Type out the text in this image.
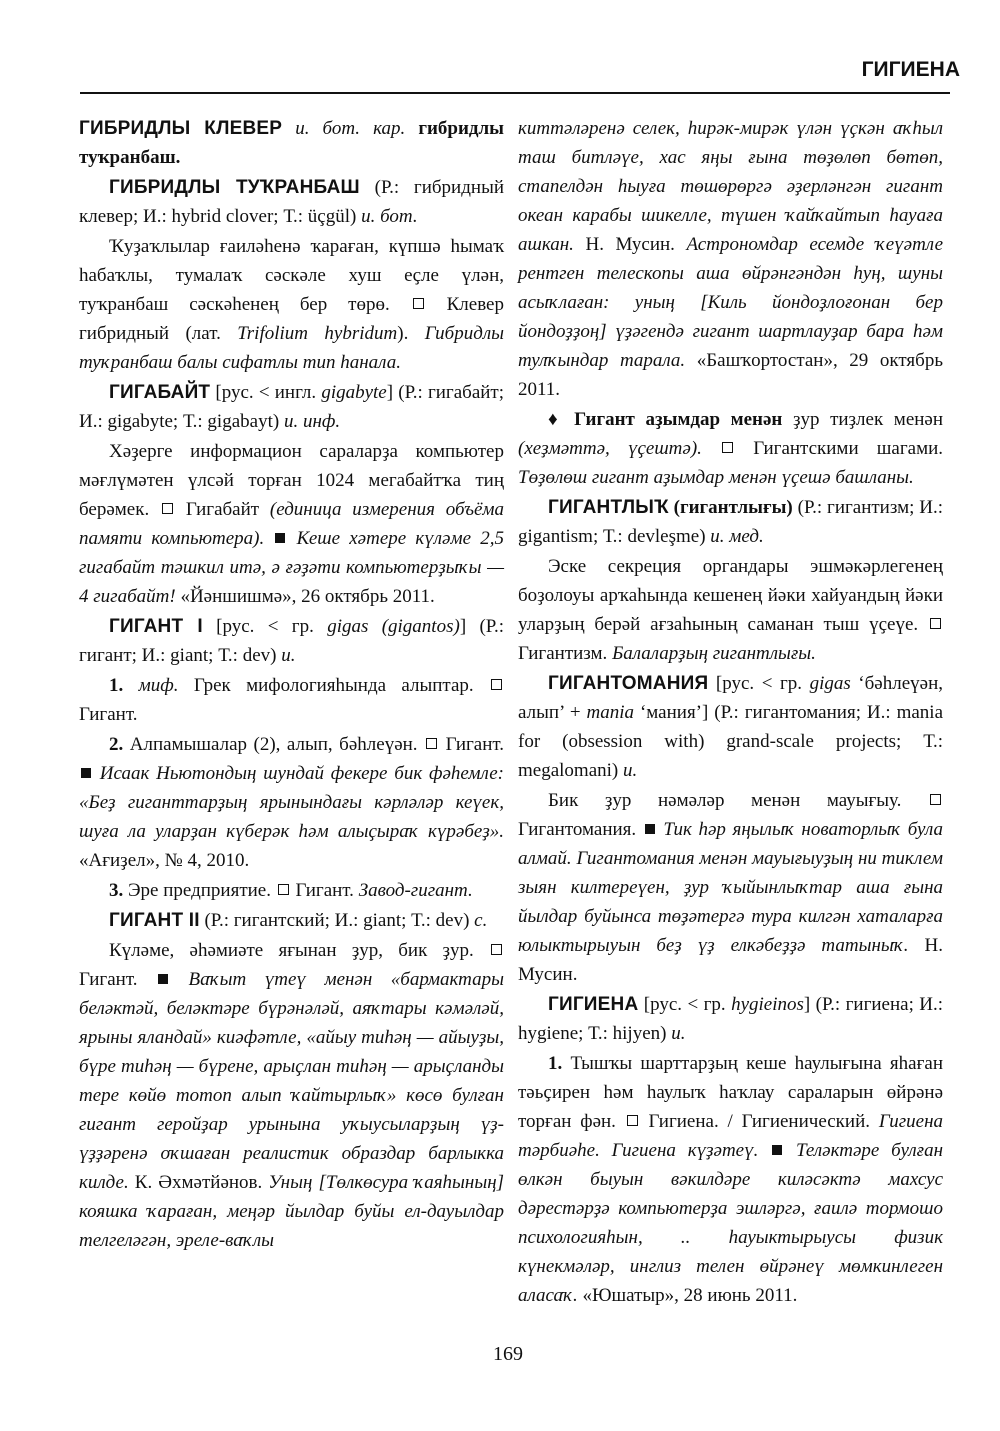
ГИГИЕНА

ГИБРИДЛЫ КЛЕВЕР и. бот. кар. гибридлы туҡранбаш.

ГИБРИДЛЫ ТУҠРАНБАШ (Р.: гибридный клевер; И.: hybrid clover; Т.: üçgül) и. бот.

Ҡуҙаҡлылар ғаиләһенә ҡараған, күпшә һымаҡ һабаҡлы, тумалаҡ сәскәле хуш еҫле үлән, туҡранбаш сәскәһенең бер төрө.	Клевер гибридный (лат. Trifolium hybridum). Гибридлы туҡранбаш балы сифатлы тип һанала.

ГИГАБАЙТ [рус. < ингл. gigabyte] (Р.: гигабайт; И.: gigabyte; Т.: gigabayt) и. инф.

Хәҙерге информацион сараларҙа компьютер мәғлүмәтен үлсәй торған 1024 мегабайтҡа тиң берәмек. Гигабайт (единица измерения объёма памяти компьютера). Кеше хәтере күләме 2,5 гигабайт тәшкил итә, ә ғәҙәти компьютерҙыҡы — 4 гигабайт! «Йәншишмә», 26 октябрь 2011.

ГИГАНТ I [рус. < гр. gigas (gigantos)] (Р.: гигант; И.: giant; Т.: dev) и.

1. миф. Грек мифологияһында алыптар.  Гигант.

2. Алпамышалар (2), алып, бәһлеүән. Гигант.  Исаак Ньютондың шундай фекере бик фәһемле: «Беҙ гиганттарҙың ярынындағы кәрләләр кеүек, шуға ла уларҙан күберәк һәм алыҫыраҡ күрәбеҙ». «Ағиҙел», № 4, 2010.

3. Эре предприятие. Гигант. Завод-гигант.

ГИГАНТ II (Р.: гигантский; И.: giant; Т.: dev) с.

Күләме, әһәмиәте яғынан ҙур, бик ҙур.  Гигант.	Ваҡыт үтеү менән «бармактары беләктәй, беләктәре бүрәнәләй, аяҡтары кәмәләй, ярыны яландай» киәфәтле, «айыу тиһәң — айыуҙы, бүре тиһәң — бүрене, арыҫлан тиһәң — арыҫланды тере көйө тотоп алып ҡайтырлыҡ» көсө булған гигант геройҙар урынына уҡыусыларҙың үҙ-үҙҙәренә оҡшаған реалистик образдар барлыкка килде. К. Әхмәтйәнов. Уның [Төлкөсура ҡаяһының] кояшка ҡараған, меңәр йылдар буйы ел-дауылдар телгеләгән, эреле-ваҡлы

киттәләренә селек, һирәк-мирәк үлән үҫкән аҡһыл таш битләүе, хас яңы ғына төҙөлөп бөтөп, стапелдән һыуға төшөрөргә әҙерләнгән гигант океан карабы шикелле, түшен ҡайҡайтып һауаға ашкан. Н. Мусин. Астрономдар есемде ҡеүәтле рентген телескопы аша өйрәнгәндән һуң, шуны асыҡлаған: уның [Киль йондоҙлоғонан бер йондоҙҙоң] үҙәгендә гигант шартлауҙар бара һәм тулҡындар тарала. «Башҡортостан», 29 октябрь 2011.

♦ Гигант аҙымдар менән ҙур тиҙлек менән (хеҙмәттә, үҫештә).	Гигантскими шагами. Төҙөлөш гигант аҙымдар менән үҫешә башланы.

ГИГАНТЛЫҠ (гигантлығы) (Р.: гигантизм; И.: gigantism; Т.: devleşme) и. мед.

Эске секреция органдары эшмәкәрлегенең боҙолоуы арҡаһында кешенең йәки хайуандың йәки уларҙың берәй ағзаһының саманан тыш үҫеүе.  Гигантизм. Балаларҙың гигантлығы.

ГИГАНТОМАНИЯ [рус. < гр. gigas ‘бәһлеүән, алып’ + mania ‘мания’] (Р.: гигантомания; И.: mania for (obsession with) grand-scale projects; Т.: megalomani) и.

Бик ҙур нәмәләр менән мауығыу.  Гигантомания. Тик һәр яңылыҡ новаторлыҡ була алмай. Гигантомания менән мауығыуҙың ни тиклем зыян килтереүен, ҙур ҡыйынлыҡтар аша ғына йылдар буйынса төҙәтергә тура килгән хаталарға юлыктырыуын беҙ үҙ елкәбеҙҙә татыныҡ. Н. Мусин.

ГИГИЕНА [рус. < гр. hygieinos] (Р.: гигиена; И.: hygiene; Т.: hijyen) и.

1. Тышҡы шарттарҙың кеше һаулығына яһаған тәьҫирен һәм һаулыҡ һаҡлау сараларын өйрәнә торған фән. Гигиена. / Гигиенический. Гигиена тәрбиәһе. Гигиена күҙәтеү. Теләктәре булған өлкән быуын вәкилдәре киләсәктә махсус дәрестәрҙә компьютерҙа эшләргә, ғаилә тормошо психологияһын, .. һауыктырыусы физик күнекмәләр, инглиз телен өйрәнеү мөмкинлеген аласаҡ. «Юшатыр», 28 июнь 2011.

169
